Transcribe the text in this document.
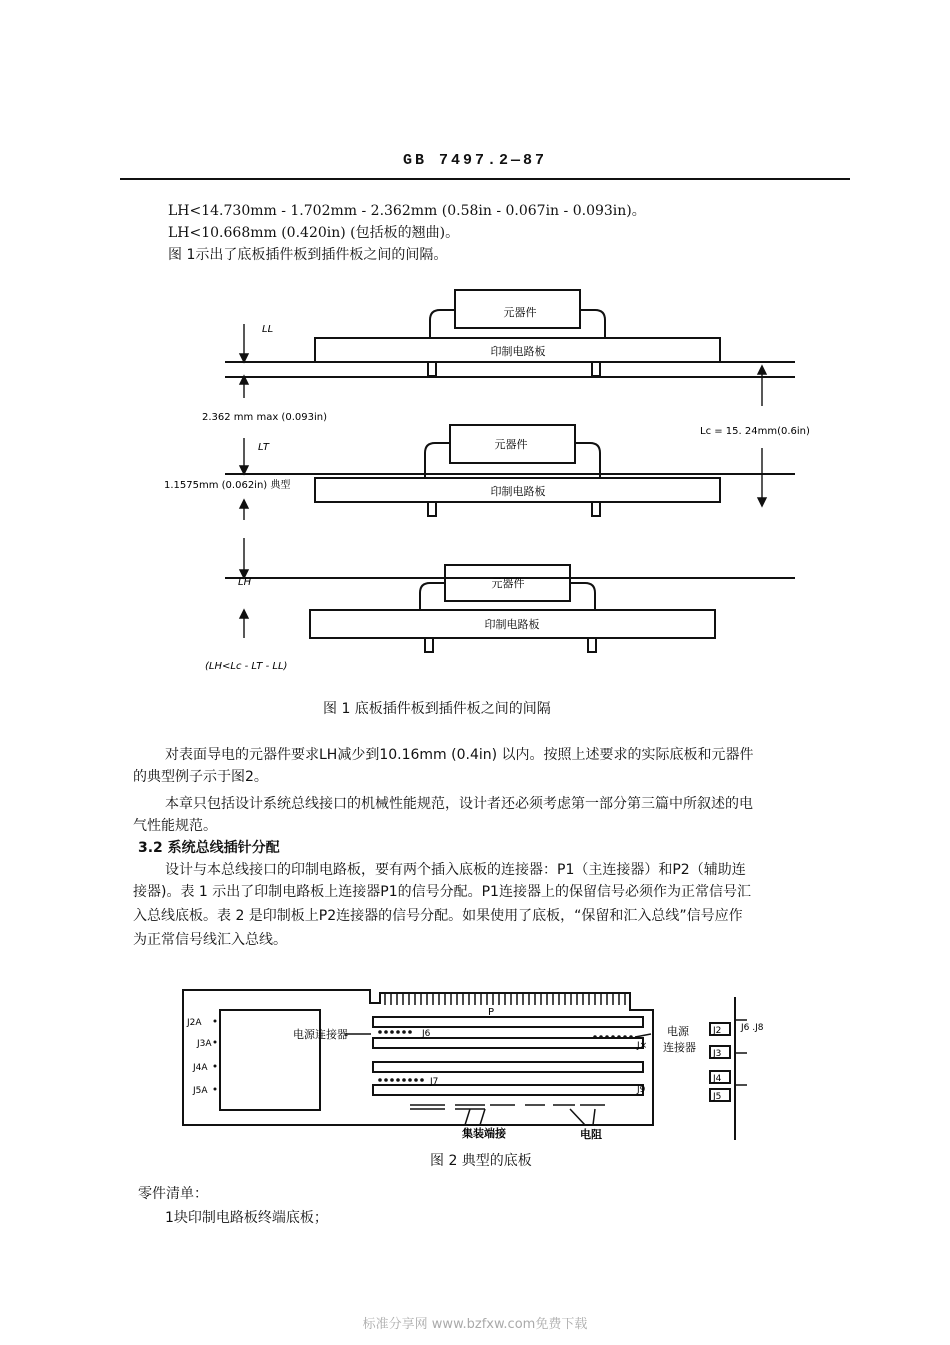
GB 7497.2—87
LH<14.730mm - 1.702mm - 2.362mm (0.58in - 0.067in - 0.093in)。
LH<10.668mm (0.420in) (包括板的翘曲)。
图 1示出了底板插件板到插件板之间的间隔。
元器件
印制电路板
元器件
印制电路板
元器件
印制电路板
LL
LT
LH
2.362 mm max (0.093in)
Lc = 15. 24mm(0.6in)
1.1575mm (0.062in) 典型
(LH<Lc - LT - LL)
图 1 底板插件板到插件板之间的间隔
对表面导电的元器件要求LH减少到10.16mm (0.4in) 以内。按照上述要求的实际底板和元器件
的典型例子示于图2。
本章只包括设计系统总线接口的机械性能规范，设计者还必须考虑第一部分第三篇中所叙述的电
气性能规范。
3.2 系统总线插针分配
设计与本总线接口的印制电路板，要有两个插入底板的连接器：P1（主连接器）和P2（辅助连
接器)。表 1 示出了印制电路板上连接器P1的信号分配。P1连接器上的保留信号必须作为正常信号汇
入总线底板。表 2 是印制板上P2连接器的信号分配。如果使用了底板，“保留和汇入总线”信号应作
为正常信号线汇入总线。
J2A
J3A
J4A
J5A
电源连接器	电源
连接器
P
J6
J7
J×
J9
J2
J3
J4
J5
J6 .J8
集装端接	电阻
图 2 典型的底板
零件清单：
1块印制电路板终端底板；
标准分享网 www.bzfxw.com免费下载
